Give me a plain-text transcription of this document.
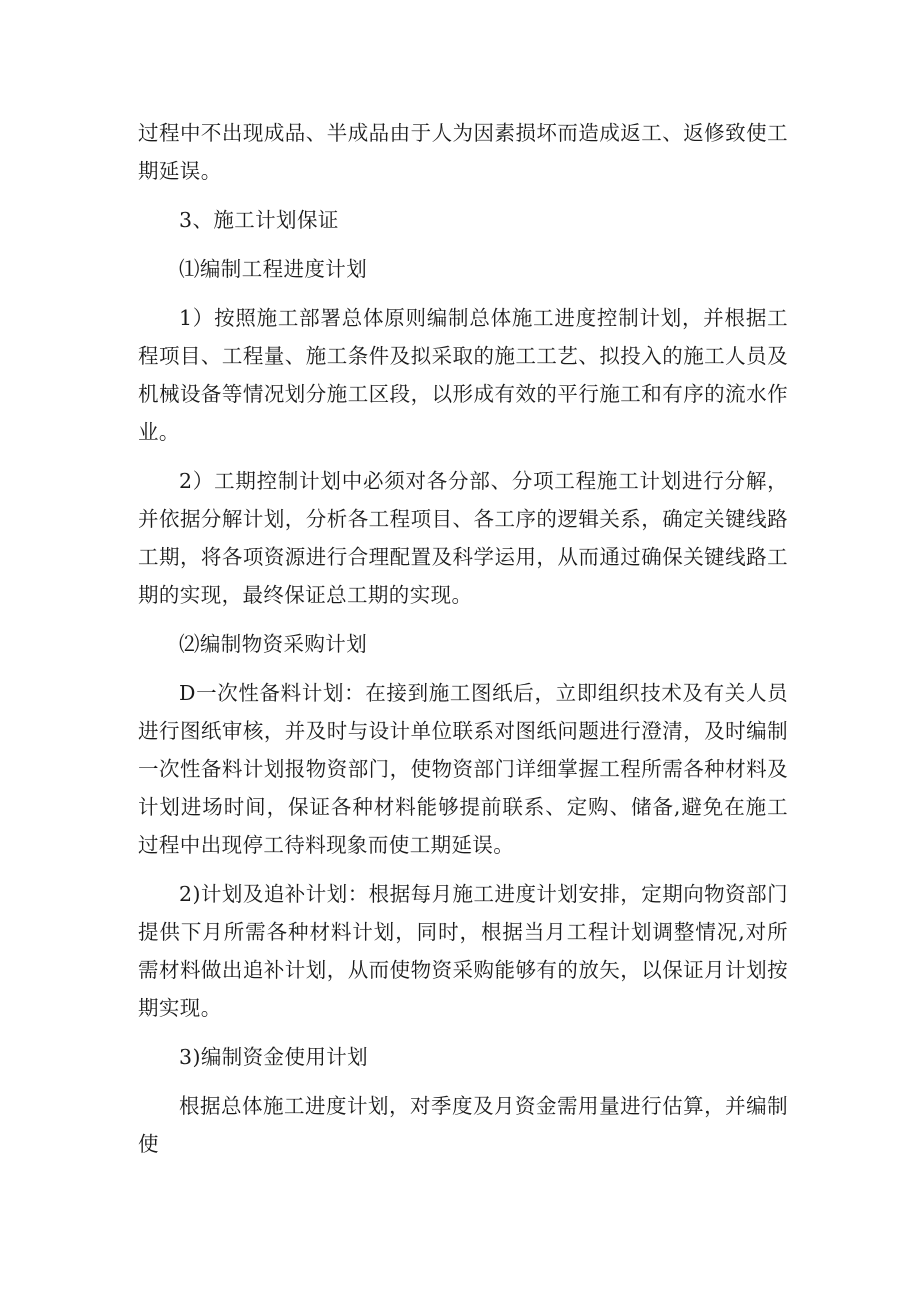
过程中不出现成品、半成品由于人为因素损坏而造成返工、返修致使工期延误。

3、施工计划保证

⑴编制工程进度计划

1）按照施工部署总体原则编制总体施工进度控制计划，并根据工程项目、工程量、施工条件及拟采取的施工工艺、拟投入的施工人员及机械设备等情况划分施工区段，以形成有效的平行施工和有序的流水作业。

2）工期控制计划中必须对各分部、分项工程施工计划进行分解，并依据分解计划，分析各工程项目、各工序的逻辑关系，确定关键线路工期，将各项资源进行合理配置及科学运用，从而通过确保关键线路工期的实现，最终保证总工期的实现。

⑵编制物资采购计划

D一次性备料计划：在接到施工图纸后，立即组织技术及有关人员进行图纸审核，并及时与设计单位联系对图纸问题进行澄清，及时编制一次性备料计划报物资部门，使物资部门详细掌握工程所需各种材料及计划进场时间，保证各种材料能够提前联系、定购、储备,避免在施工过程中出现停工待料现象而使工期延误。

2)计划及追补计划：根据每月施工进度计划安排，定期向物资部门提供下月所需各种材料计划，同时，根据当月工程计划调整情况,对所需材料做出追补计划，从而使物资采购能够有的放矢，以保证月计划按期实现。

3)编制资金使用计划

根据总体施工进度计划，对季度及月资金需用量进行估算，并编制使
